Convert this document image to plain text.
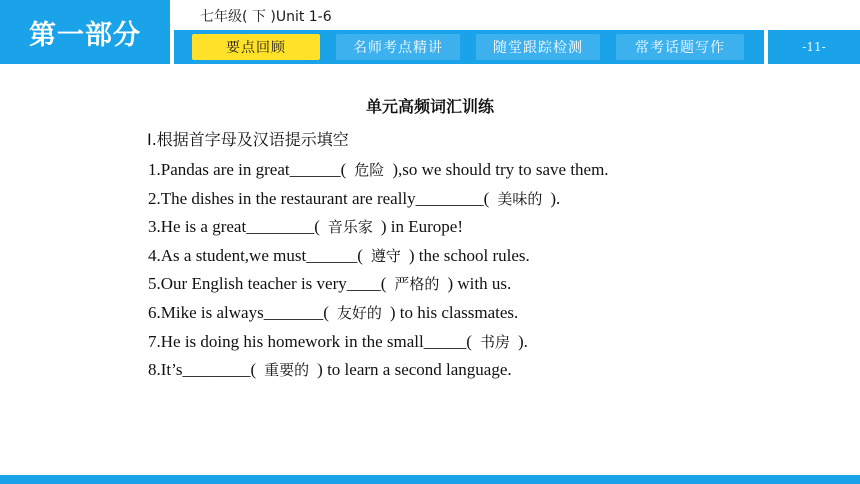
第一部分
七年级( 下 )Unit 1-6
要点回顾	名师考点精讲	随堂跟踪检测	常考话题写作	-11-
单元高频词汇训练
Ⅰ.根据首字母及汉语提示填空
1.Pandas are in great______( 危险 ),so we should try to save them.
2.The dishes in the restaurant are really________( 美味的 ).
3.He is a great________( 音乐家 ) in Europe!
4.As a student,we must______( 遵守 ) the school rules.
5.Our English teacher is very____( 严格的 ) with us.
6.Mike is always_______( 友好的 ) to his classmates.
7.He is doing his homework in the small_____( 书房 ).
8.It’s________( 重要的 ) to learn a second language.
